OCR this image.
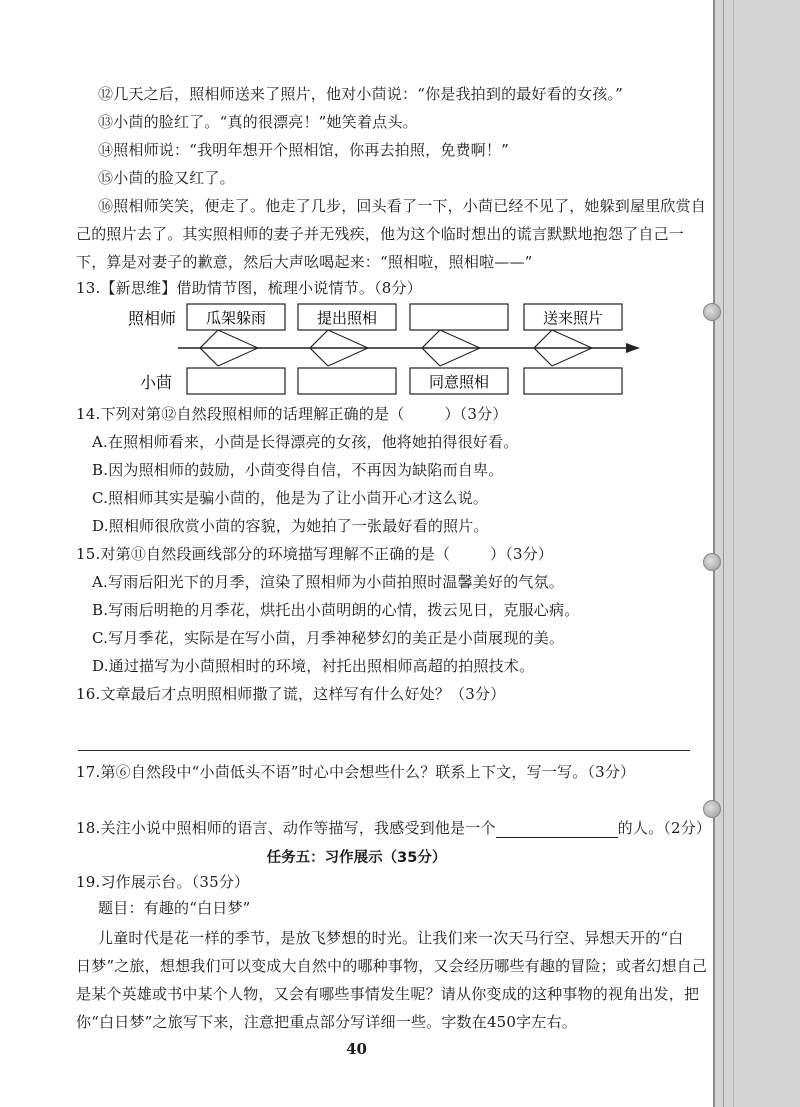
⑫几天之后，照相师送来了照片，他对小茴说：“你是我拍到的最好看的女孩。”
⑬小茴的脸红了。“真的很漂亮！”她笑着点头。
⑭照相师说：“我明年想开个照相馆，你再去拍照，免费啊！”
⑮小茴的脸又红了。
⑯照相师笑笑，便走了。他走了几步，回头看了一下，小茴已经不见了，她躲到屋里欣赏自
己的照片去了。其实照相师的妻子并无残疾，他为这个临时想出的谎言默默地抱怨了自己一
下，算是对妻子的歉意，然后大声吆喝起来：“照相啦，照相啦——”
13.【新思维】借助情节图，梳理小说情节。（8分）
照相师
小茴
瓜架躲雨	提出照相	送来照片
同意照相
14.下列对第⑫自然段照相师的话理解正确的是（	）（3分）
A.在照相师看来，小茴是长得漂亮的女孩，他将她拍得很好看。
B.因为照相师的鼓励，小茴变得自信，不再因为缺陷而自卑。
C.照相师其实是骗小茴的，他是为了让小茴开心才这么说。
D.照相师很欣赏小茴的容貌，为她拍了一张最好看的照片。
15.对第⑪自然段画线部分的环境描写理解不正确的是（	）（3分）
A.写雨后阳光下的月季，渲染了照相师为小茴拍照时温馨美好的气氛。
B.写雨后明艳的月季花，烘托出小茴明朗的心情，拨云见日，克服心病。
C.写月季花，实际是在写小茴，月季神秘梦幻的美正是小茴展现的美。
D.通过描写为小茴照相时的环境，衬托出照相师高超的拍照技术。
16.文章最后才点明照相师撒了谎，这样写有什么好处？（3分）
17.第⑥自然段中“小茴低头不语”时心中会想些什么？联系上下文，写一写。（3分）
18.关注小说中照相师的语言、动作等描写，我感受到他是一个	的人。（2分）
任务五：习作展示（35分）
19.习作展示台。（35分）
题目：有趣的“白日梦”
儿童时代是花一样的季节，是放飞梦想的时光。让我们来一次天马行空、异想天开的“白
日梦”之旅，想想我们可以变成大自然中的哪种事物，又会经历哪些有趣的冒险；或者幻想自己
是某个英雄或书中某个人物，又会有哪些事情发生呢？请从你变成的这种事物的视角出发，把
你“白日梦”之旅写下来，注意把重点部分写详细一些。字数在450字左右。
40
